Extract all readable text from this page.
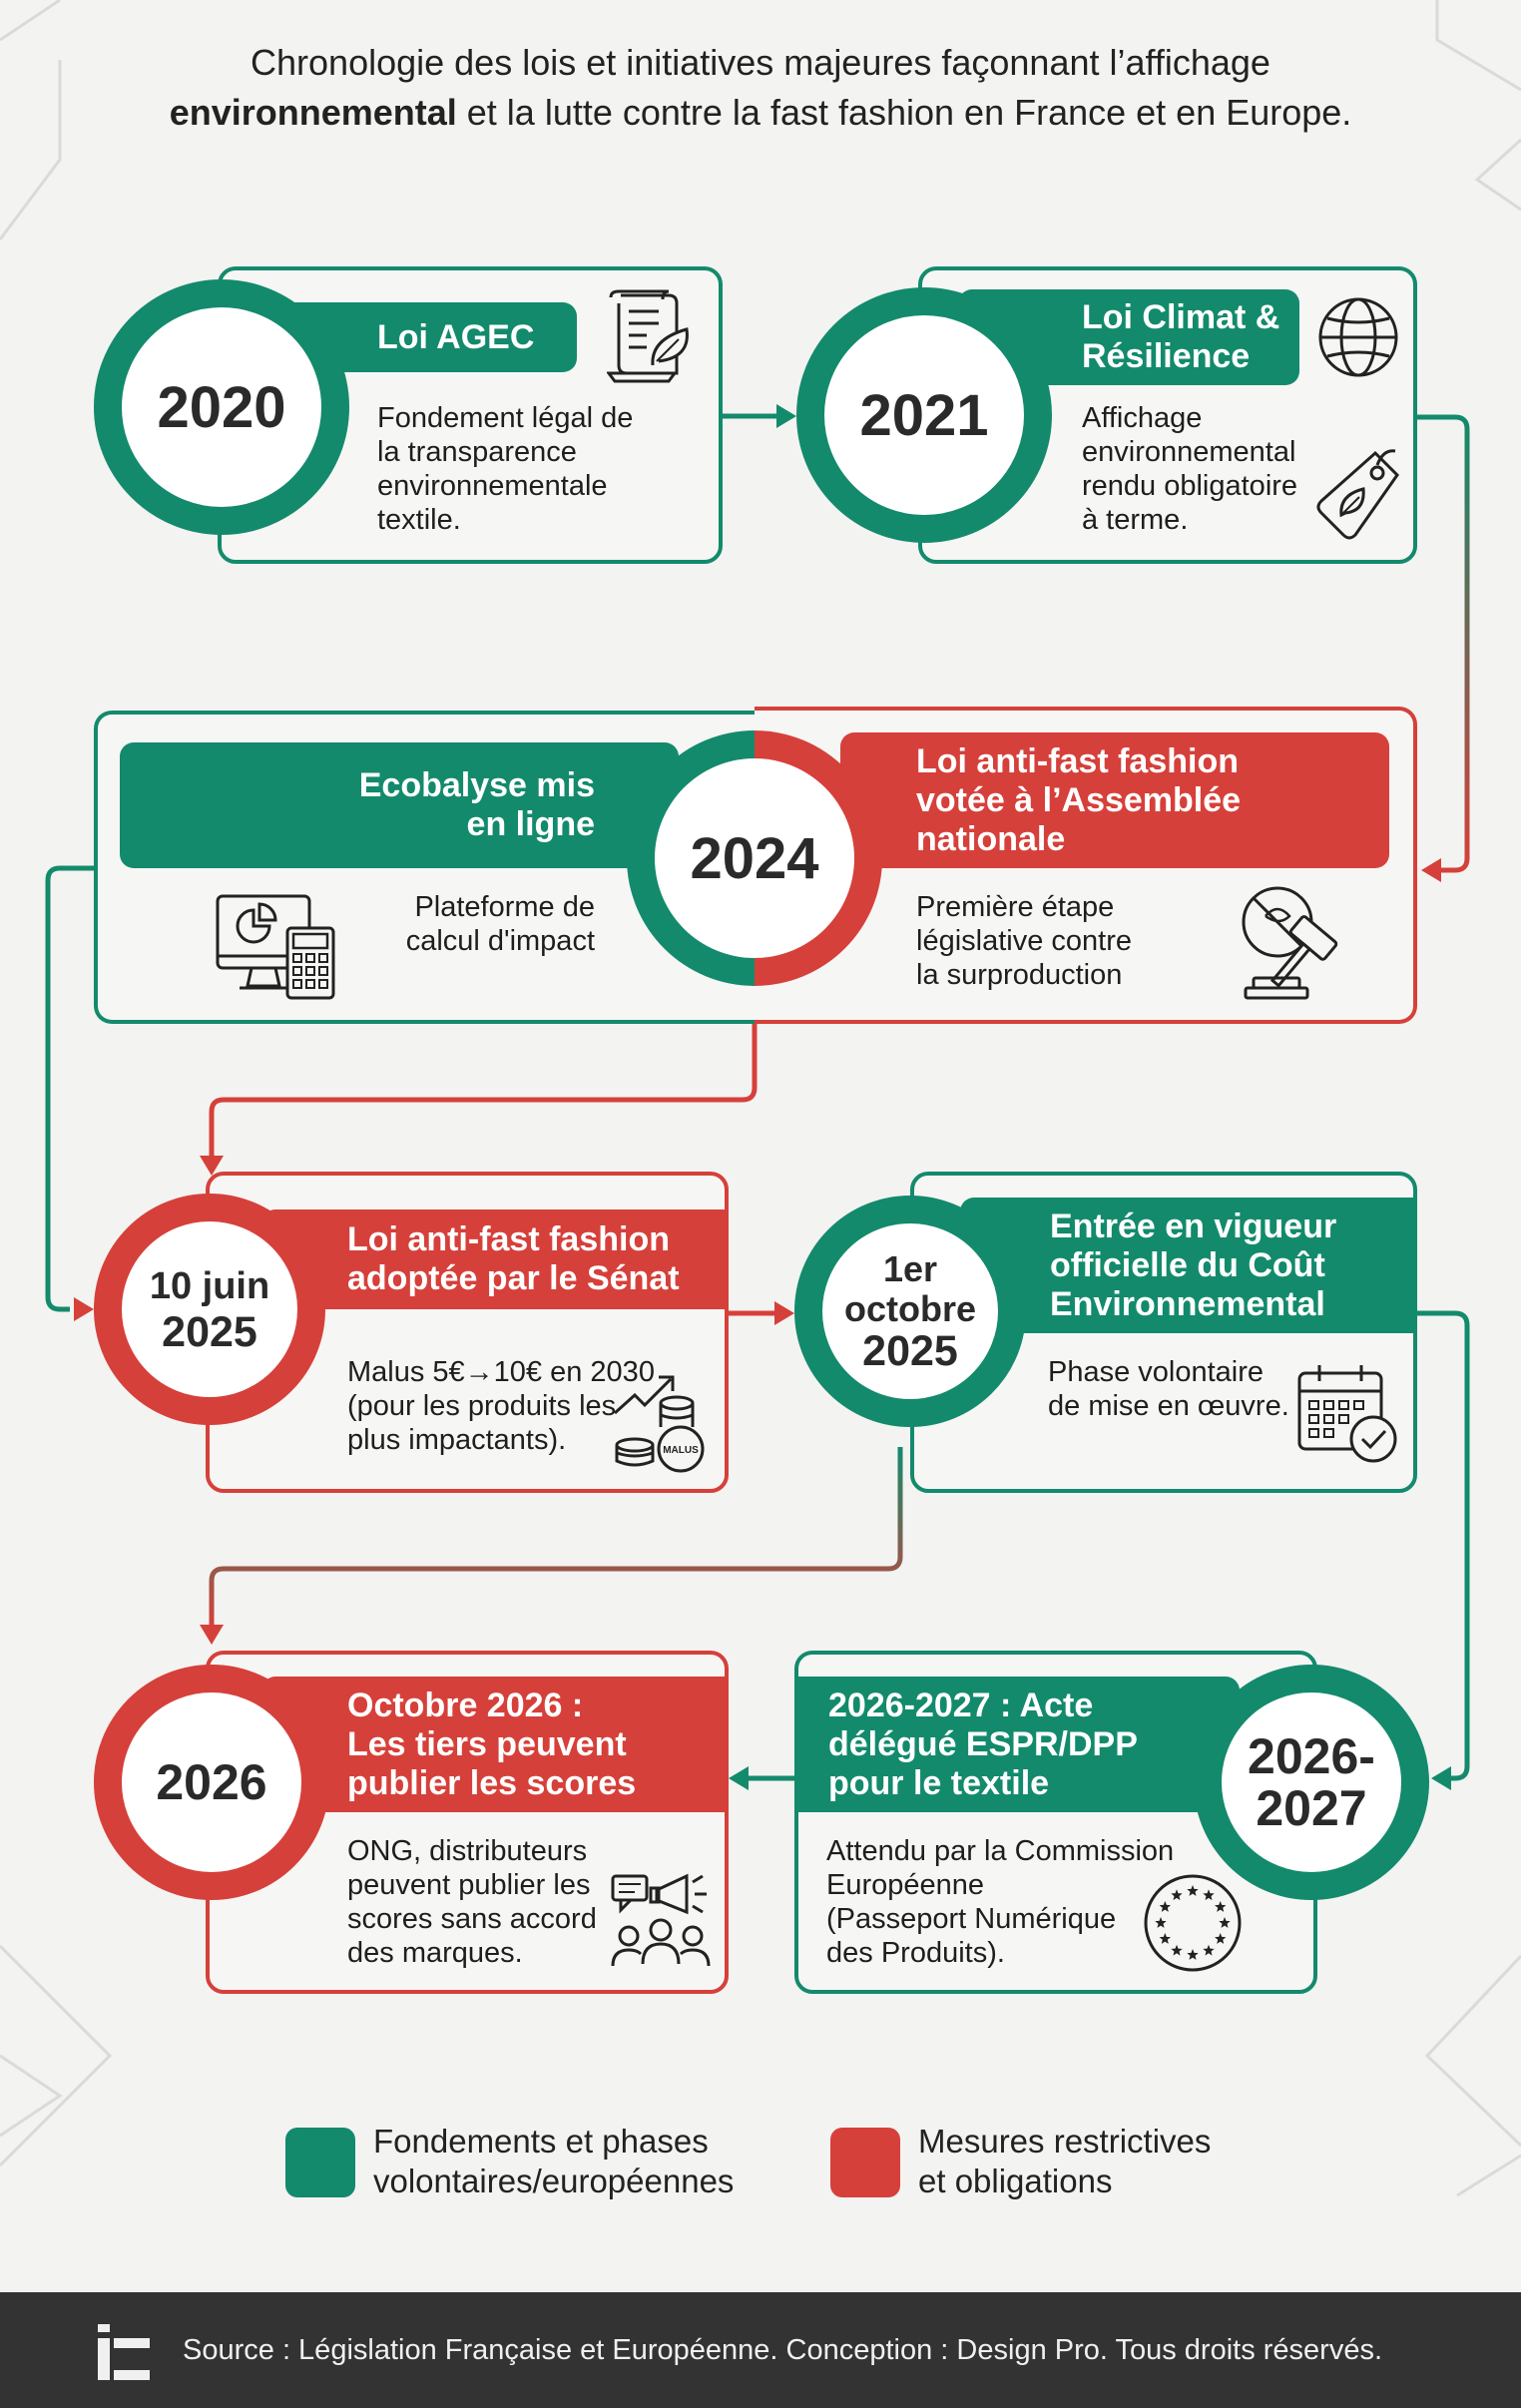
Chronologie des lois et initiatives majeures façonnant l’affichage
environnemental et la lutte contre la fast fashion en France et en Europe.
Loi AGEC
Fondement légal de
la transparence
environnementale
textile.
2020
Loi Climat &
Résilience
Affichage
environnemental
rendu obligatoire
à terme.
2021
Ecobalyse mis
en ligne
Loi anti-fast fashion
votée à l’Assemblée
nationale
Plateforme de
calcul d'impact
Première étape
législative contre
la surproduction
2024
Loi anti-fast fashion
adoptée par le Sénat
Malus 5€→10€ en 2030
(pour les produits les
plus impactants).
10 juin
2025
MALUS
Entrée en vigueur
officielle du Coût
Environnemental
Phase volontaire
de mise en œuvre.
1er
octobre
2025
2026-2027 : Acte
délégué ESPR/DPP
pour le textile
Attendu par la Commission
Européenne
(Passeport Numérique
des Produits).
2026-
2027
Octobre 2026 :
Les tiers peuvent
publier les scores
ONG, distributeurs
peuvent publier les
scores sans accord
des marques.
2026
Fondements et phases
volontaires/européennes
Mesures restrictives
et obligations
Source : Législation Française et Européenne. Conception : Design Pro. Tous droits réservés.
